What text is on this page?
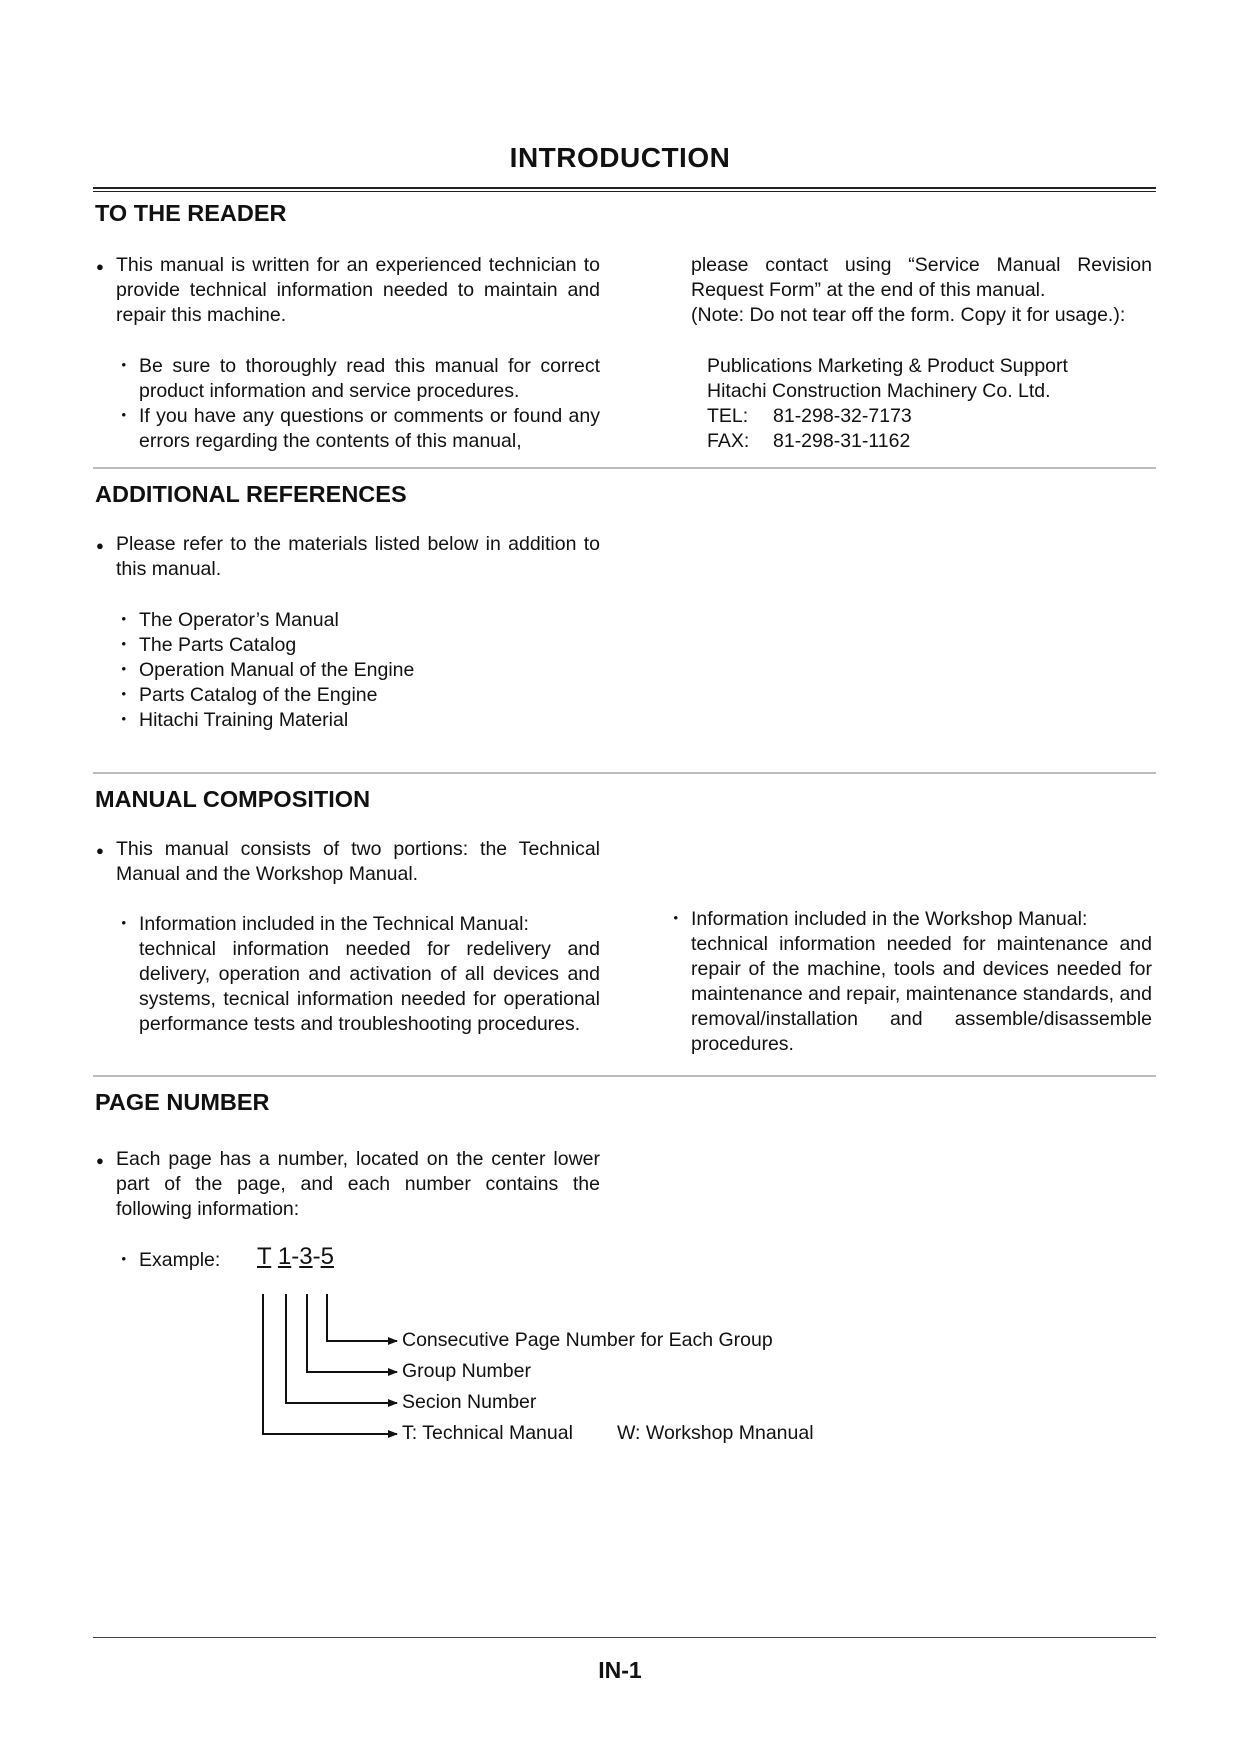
INTRODUCTION
TO THE READER
● This manual is written for an experienced technician to provide technical information needed to maintain and repair this machine.
・ Be sure to thoroughly read this manual for correct product information and service procedures.
・ If you have any questions or comments or found any errors regarding the contents of this manual,
please contact using “Service Manual Revision Request Form” at the end of this manual.
(Note: Do not tear off the form. Copy it for usage.):
Publications Marketing & Product Support
Hitachi Construction Machinery Co. Ltd.
TEL: 81-298-32-7173
FAX: 81-298-31-1162
ADDITIONAL REFERENCES
● Please refer to the materials listed below in addition to this manual.
・ The Operator’s Manual
・ The Parts Catalog
・ Operation Manual of the Engine
・ Parts Catalog of the Engine
・ Hitachi Training Material
MANUAL COMPOSITION
● This manual consists of two portions: the Technical Manual and the Workshop Manual.
・ Information included in the Technical Manual:
technical information needed for redelivery and delivery, operation and activation of all devices and systems, tecnical information needed for operational performance tests and troubleshooting procedures.
・ Information included in the Workshop Manual:
technical information needed for maintenance and repair of the machine, tools and devices needed for maintenance and repair, maintenance standards, and removal/installation and assemble/disassemble procedures.
PAGE NUMBER
● Each page has a number, located on the center lower part of the page, and each number contains the following information:
・ Example: T 1-3-5
Consecutive Page Number for Each Group
Group Number
Secion Number
T: Technical Manual W: Workshop Mnanual
IN-1
